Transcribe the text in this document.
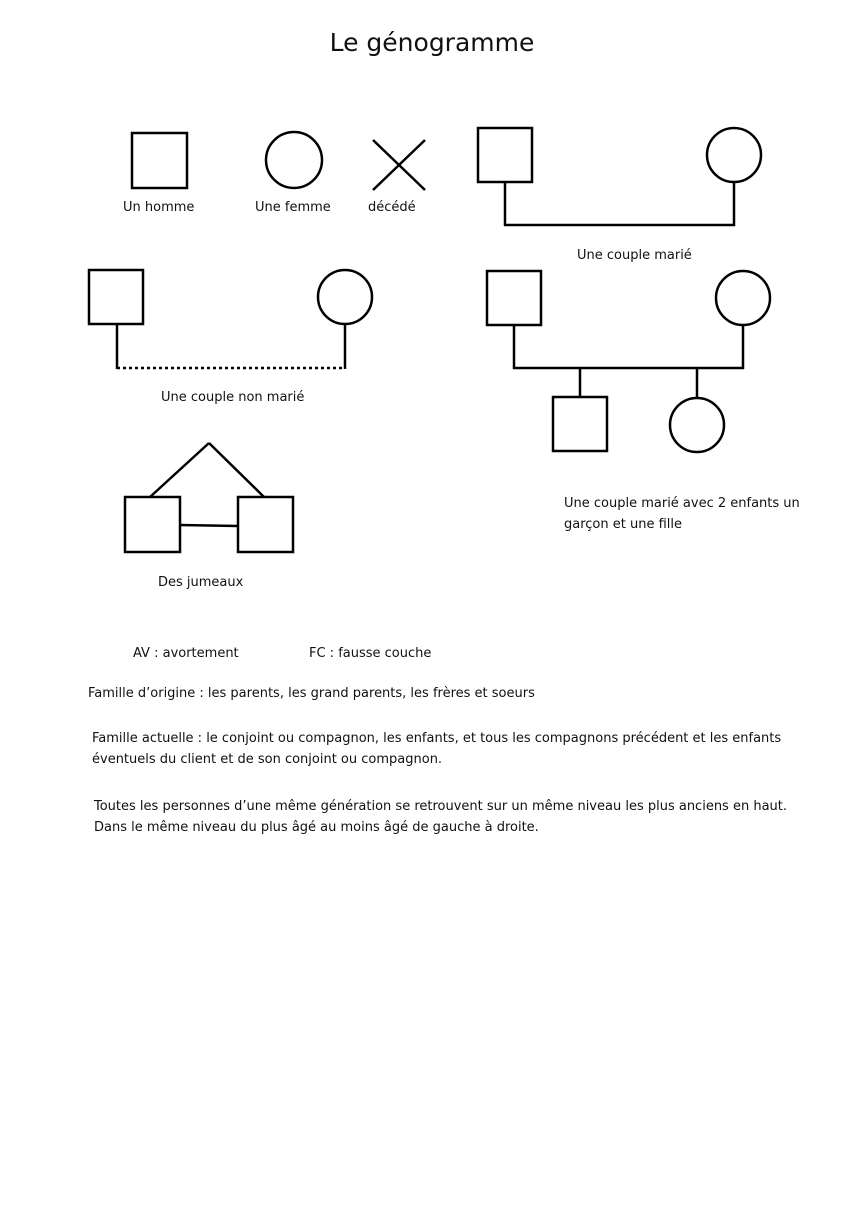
Le génogramme
Un homme	Une femme	décédé
Une couple marié
Une couple non marié
Une couple marié avec 2 enfants un
garçon et une fille
Des jumeaux
AV : avortement	FC : fausse couche
Famille d’origine : les parents, les grand parents, les frères et soeurs
Famille actuelle : le conjoint ou compagnon, les enfants, et tous les compagnons précédent et les enfants
éventuels du client et de son conjoint ou compagnon.
Toutes les personnes d’une même génération se retrouvent sur un même niveau les plus anciens en haut.
Dans le même niveau du plus âgé au moins âgé de gauche à droite.
